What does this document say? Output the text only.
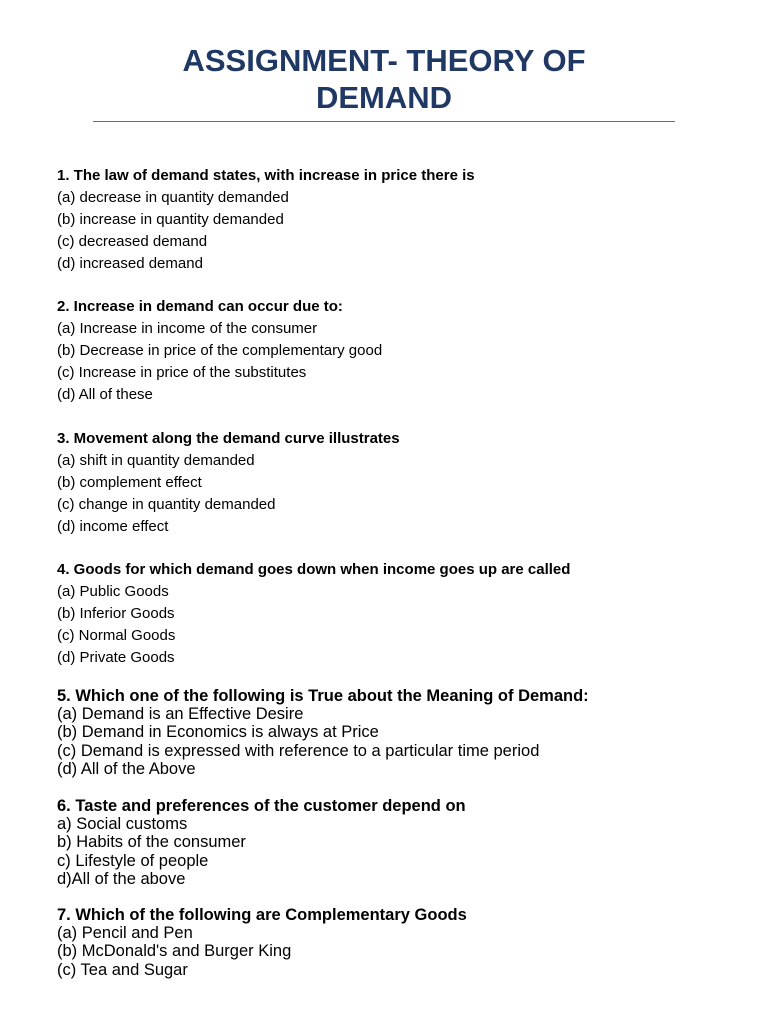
ASSIGNMENT- THEORY OF
DEMAND
1. The law of demand states, with increase in price there is
(a) decrease in quantity demanded
(b) increase in quantity demanded
(c) decreased demand
(d) increased demand
2. Increase in demand can occur due to:
(a) Increase in income of the consumer
(b) Decrease in price of the complementary good
(c) Increase in price of the substitutes
(d) All of these
3. Movement along the demand curve illustrates
(a) shift in quantity demanded
(b) complement effect
(c) change in quantity demanded
(d) income effect
4. Goods for which demand goes down when income goes up are called
(a) Public Goods
(b) Inferior Goods
(c) Normal Goods
(d) Private Goods
5. Which one of the following is True about the Meaning of Demand:
(a) Demand is an Effective Desire
(b) Demand in Economics is always at Price
(c) Demand is expressed with reference to a particular time period
(d) All of the Above
6. Taste and preferences of the customer depend on
a) Social customs
b) Habits of the consumer
c) Lifestyle of people
d)All of the above
7. Which of the following are Complementary Goods
(a) Pencil and Pen
(b) McDonald's and Burger King
(c) Tea and Sugar
